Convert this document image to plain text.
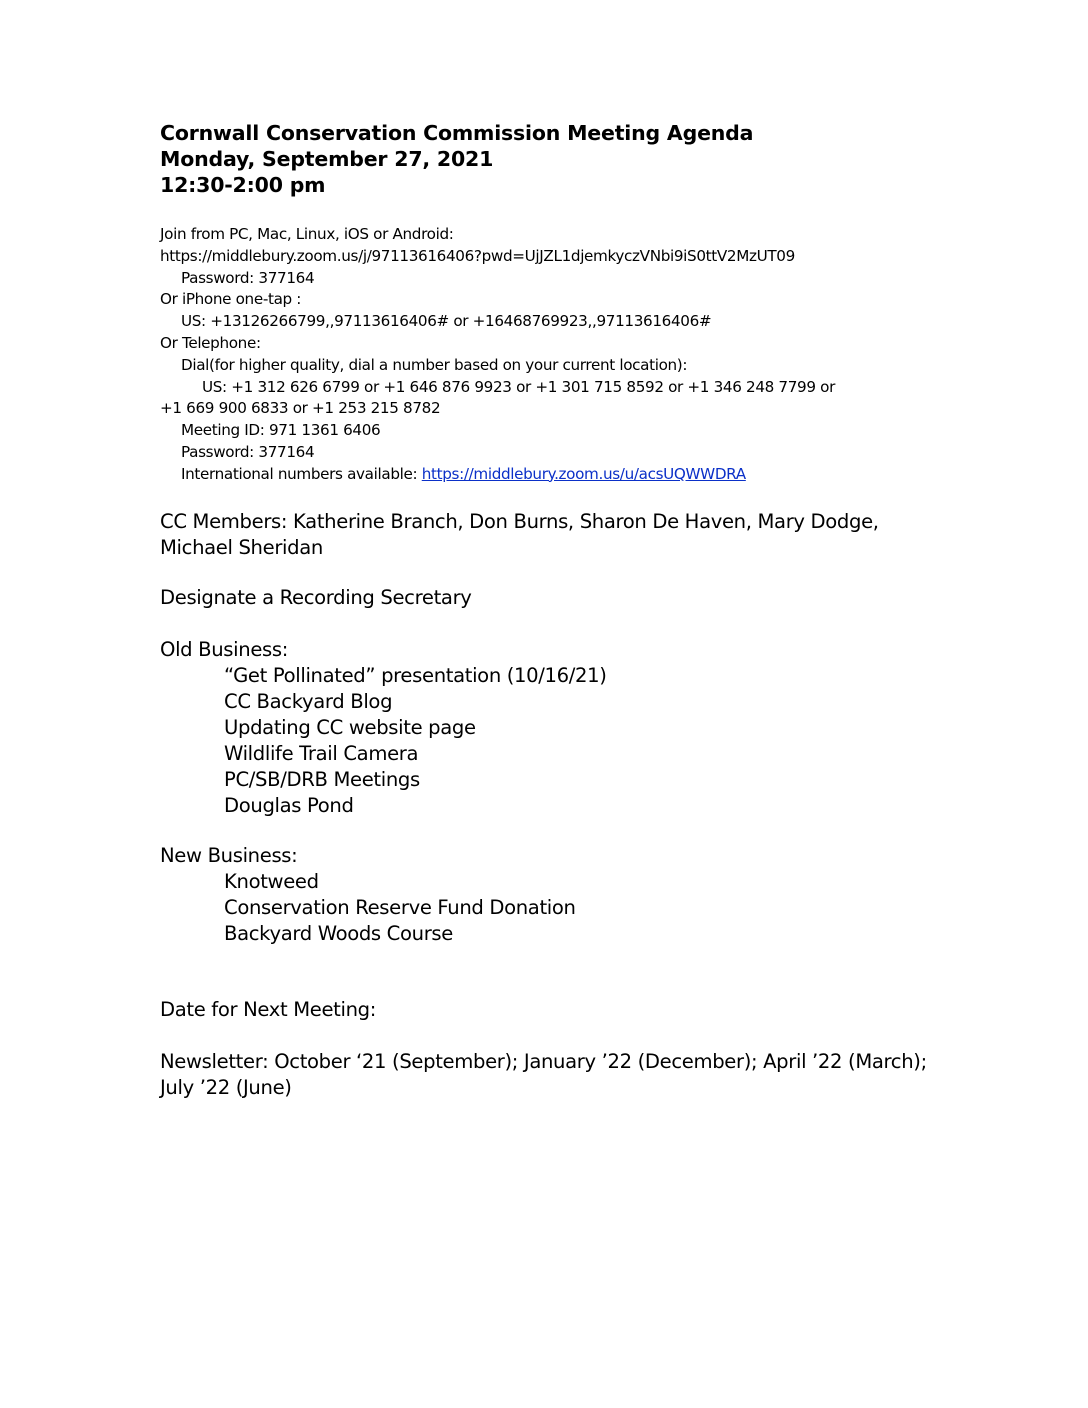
Cornwall Conservation Commission Meeting Agenda
Monday, September 27, 2021
12:30-2:00 pm
Join from PC, Mac, Linux, iOS or Android:
https://middlebury.zoom.us/j/97113616406?pwd=UjJZL1djemkyczVNbi9iS0ttV2MzUT09
Password: 377164
Or iPhone one-tap :
US: +13126266799,,97113616406# or +16468769923,,97113616406#
Or Telephone:
Dial(for higher quality, dial a number based on your current location):
US: +1 312 626 6799 or +1 646 876 9923 or +1 301 715 8592 or +1 346 248 7799 or
+1 669 900 6833 or +1 253 215 8782
Meeting ID: 971 1361 6406
Password: 377164
International numbers available: https://middlebury.zoom.us/u/acsUQWWDRA
CC Members: Katherine Branch, Don Burns, Sharon De Haven, Mary Dodge,
Michael Sheridan
Designate a Recording Secretary
Old Business:
“Get Pollinated” presentation (10/16/21)
CC Backyard Blog
Updating CC website page
Wildlife Trail Camera
PC/SB/DRB Meetings
Douglas Pond
New Business:
Knotweed
Conservation Reserve Fund Donation
Backyard Woods Course
Date for Next Meeting:
Newsletter: October ‘21 (September); January ’22 (December); April ’22 (March);
July ’22 (June)
